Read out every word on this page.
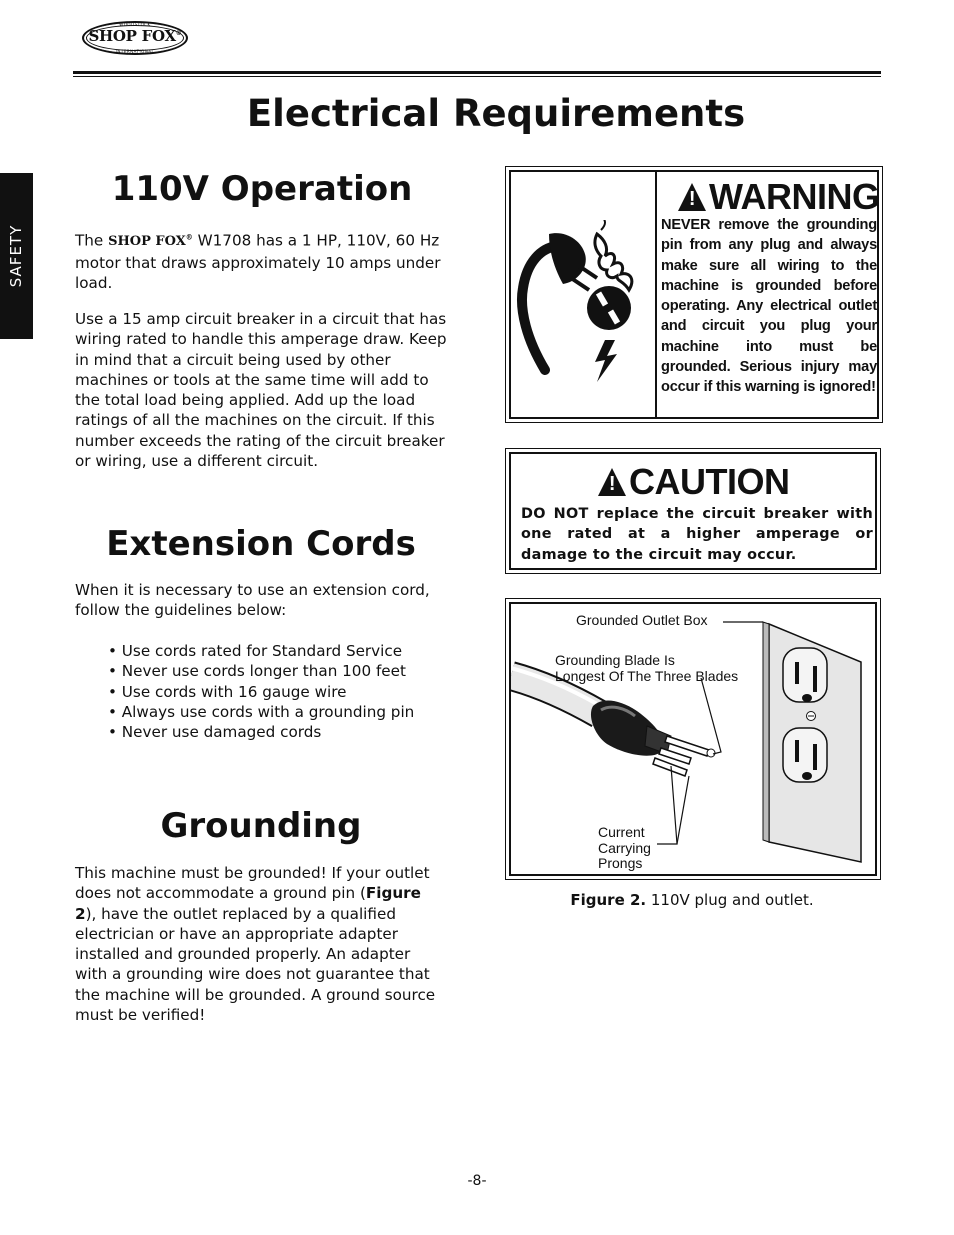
WOODSTOCK
SHOP FOX®
INTERNATIONAL
Electrical Requirements
SAFETY
110V Operation

The SHOP FOX® W1708 has a 1 HP, 110V, 60 Hz motor that draws approximately 10 amps under load.

Use a 15 amp circuit breaker in a circuit that has wiring rated to handle this amperage draw. Keep in mind that a circuit being used by other machines or tools at the same time will add to the total load being applied. Add up the load ratings of all the machines on the circuit. If this number exceeds the rating of the circuit breaker or wiring, use a different circuit.

Extension Cords

When it is necessary to use an extension cord, follow the guidelines below:

• Use cords rated for Standard Service
• Never use cords longer than 100 feet
• Use cords with 16 gauge wire
• Always use cords with a grounding pin
• Never use damaged cords
Grounding

This machine must be grounded! If your outlet does not accommodate a ground pin (Figure 2), have the outlet replaced by a qualified electrician or have an appropriate adapter installed and grounded properly. An adapter with a grounding wire does not guarantee that the machine will be grounded. A ground source must be verified!

! WARNING

NEVER remove the grounding pin from any plug and always make sure all wiring to the machine is grounded before operating. Any electrical outlet and circuit you plug your machine into must be grounded. Serious injury may occur if this warning is ignored!

! CAUTION

DO NOT replace the circuit breaker with one rated at a higher amperage or damage to the circuit may occur.

Grounded Outlet Box
Grounding Blade Is
Longest Of The Three Blades
Current
Carrying
Prongs
Figure 2. 110V plug and outlet.
-8-
